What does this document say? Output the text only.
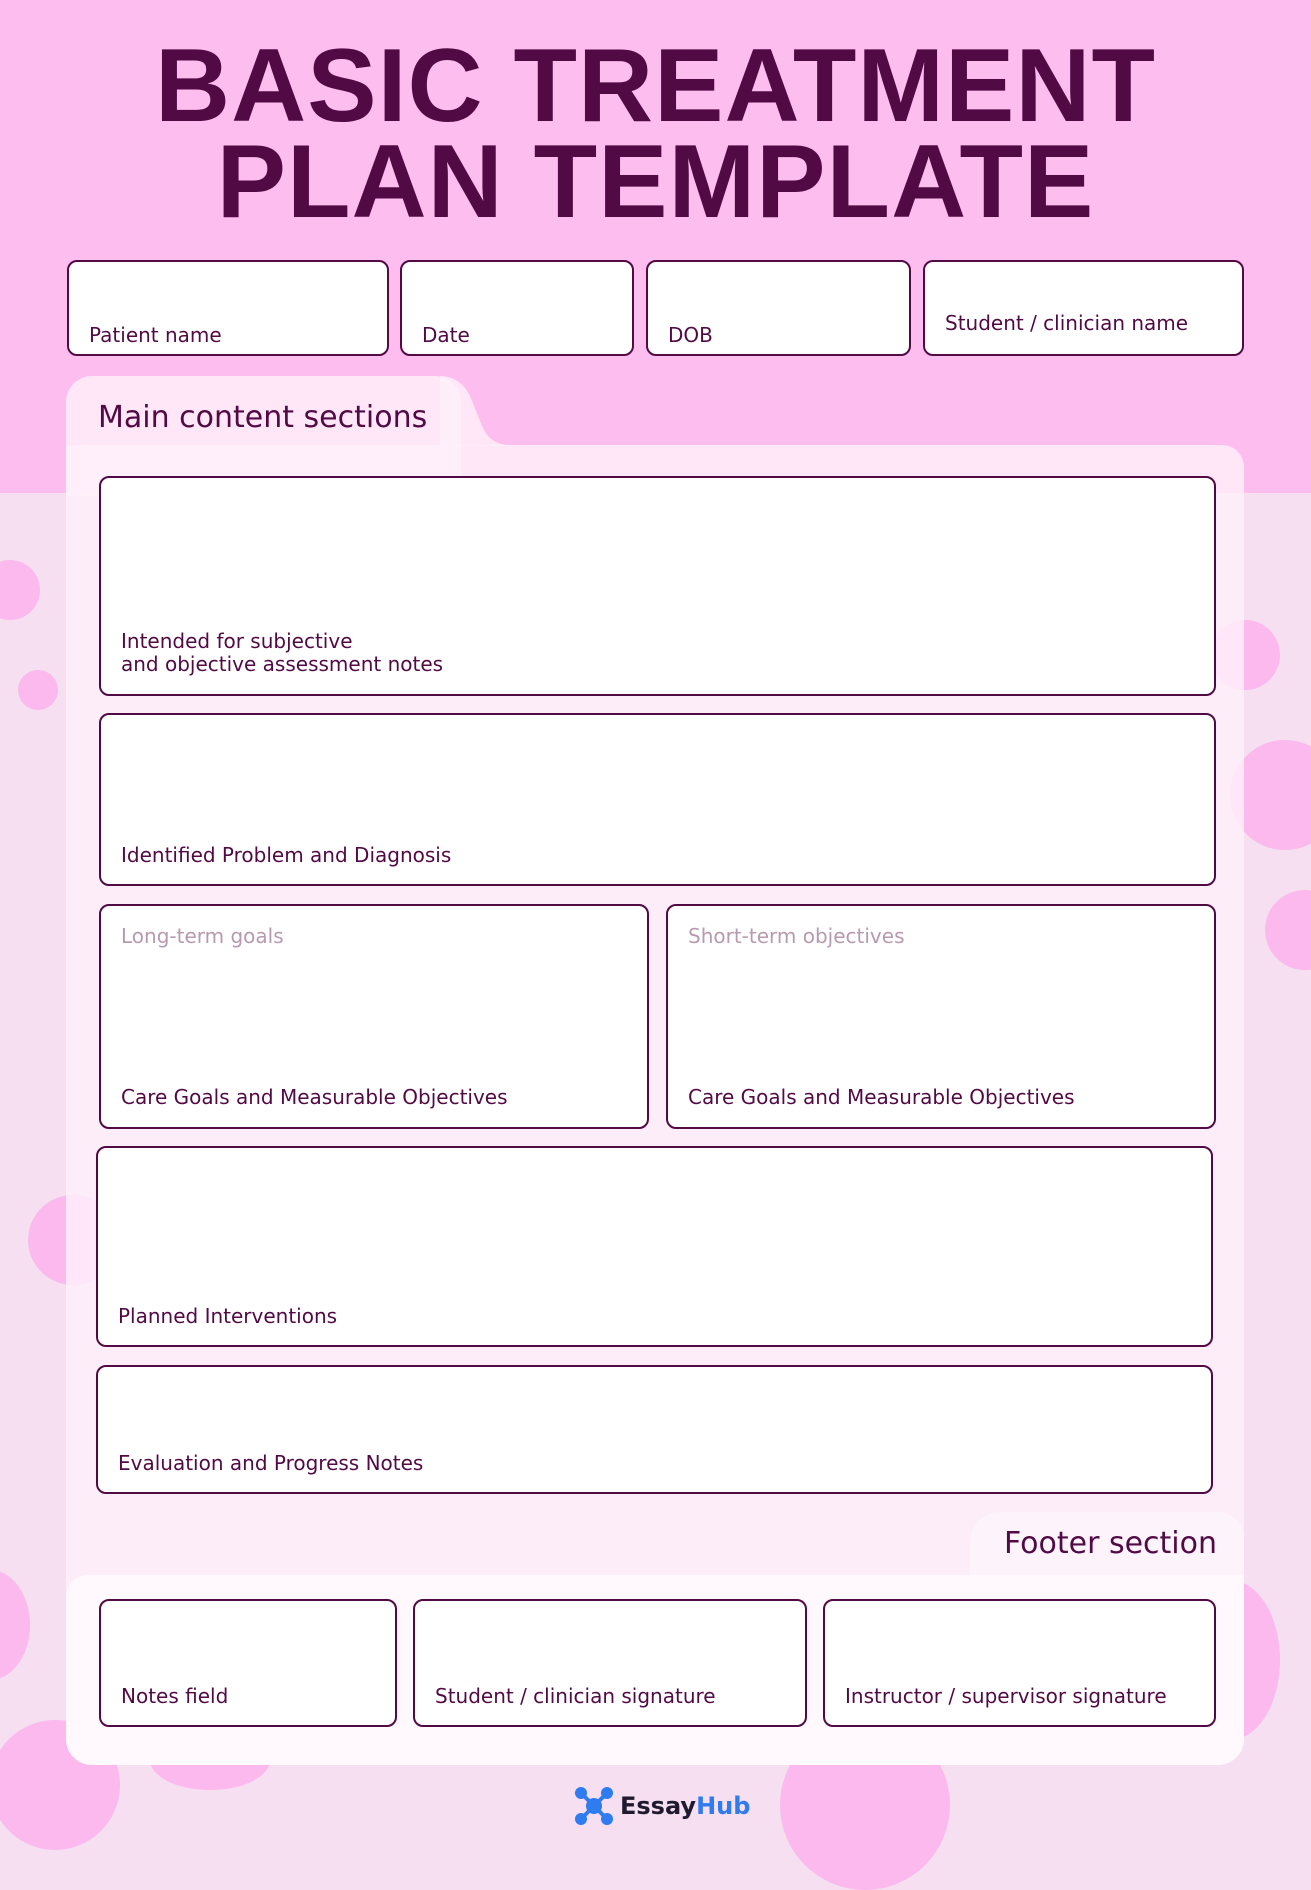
BASIC TREATMENT
PLAN TEMPLATE
Patient name	Date	DOB	Student / clinician name
Main content sections
Intended for subjective
and objective assessment notes
Identified Problem and Diagnosis
Long-term goals
Care Goals and Measurable Objectives
Short-term objectives
Care Goals and Measurable Objectives
Planned Interventions
Evaluation and Progress Notes
Footer section
Notes field	Student / clinician signature	Instructor / supervisor signature
EssayHub
